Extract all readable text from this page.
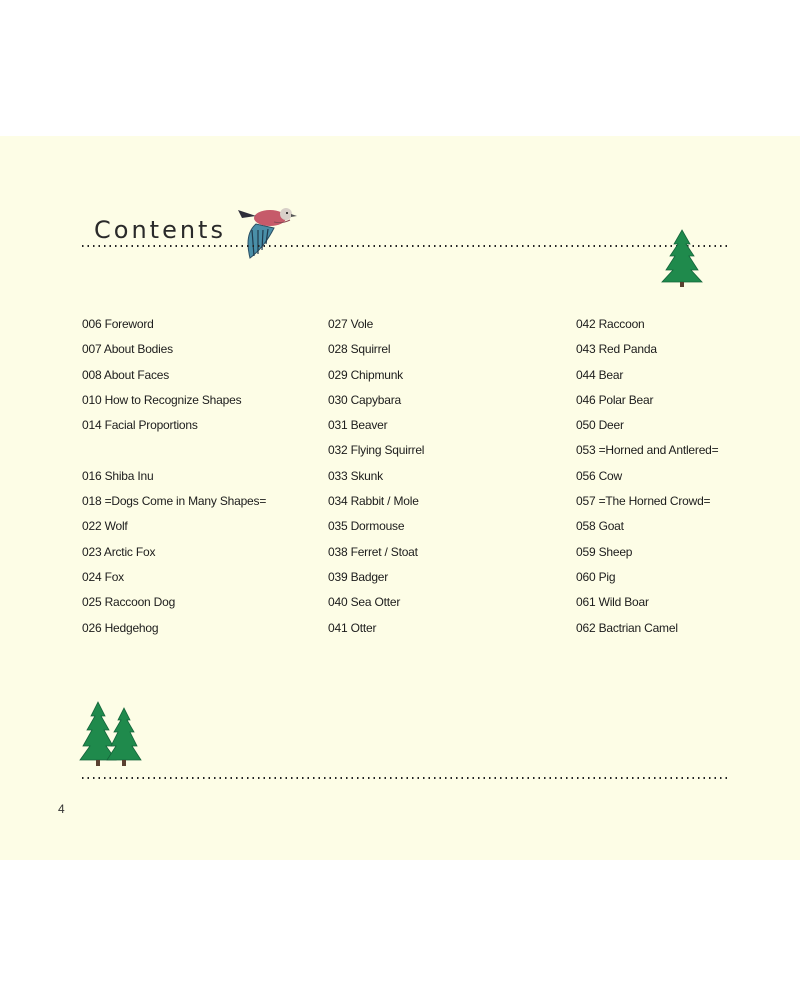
Contents
006 Foreword
007 About Bodies
008 About Faces
010 How to Recognize Shapes
014 Facial Proportions
016 Shiba Inu
018 =Dogs Come in Many Shapes=
022 Wolf
023 Arctic Fox
024 Fox
025 Raccoon Dog
026 Hedgehog
027 Vole
028 Squirrel
029 Chipmunk
030 Capybara
031 Beaver
032 Flying Squirrel
033 Skunk
034 Rabbit / Mole
035 Dormouse
038 Ferret / Stoat
039 Badger
040 Sea Otter
041 Otter
042 Raccoon
043 Red Panda
044 Bear
046 Polar Bear
050 Deer
053 =Horned and Antlered=
056 Cow
057 =The Horned Crowd=
058 Goat
059 Sheep
060 Pig
061 Wild Boar
062 Bactrian Camel
4
